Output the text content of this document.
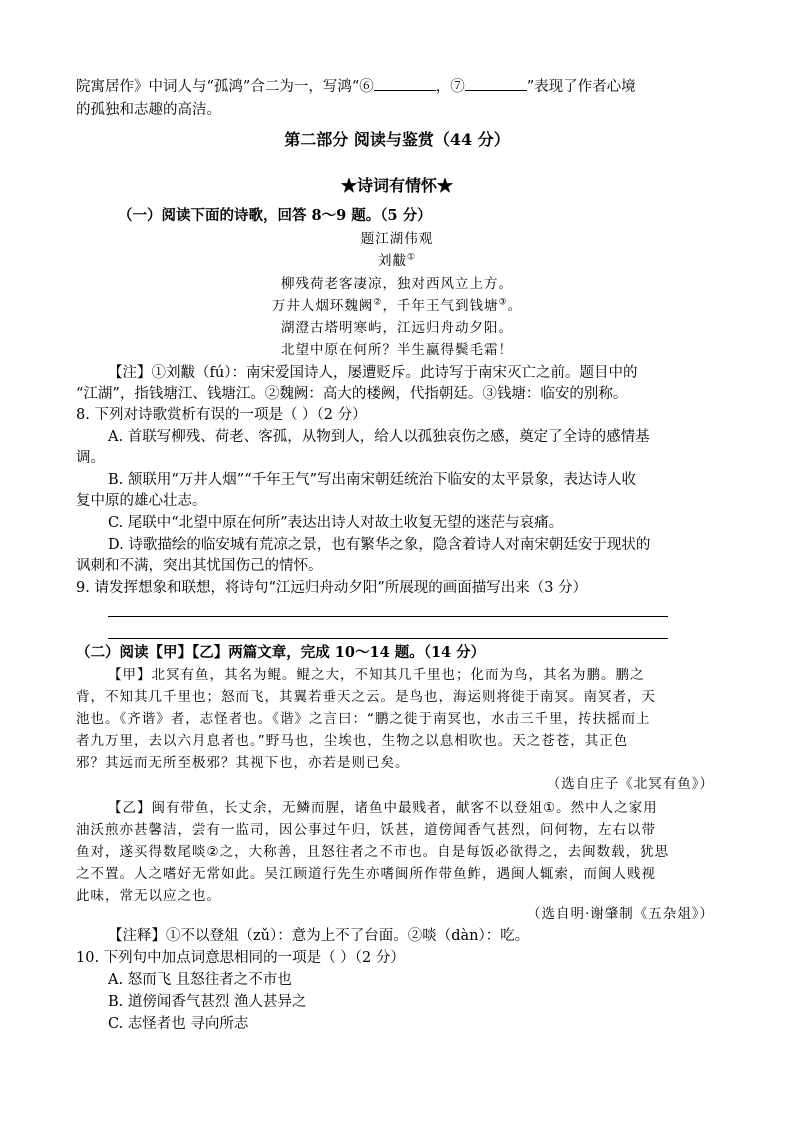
院寓居作》中词人与“孤鸿”合二为一，写鸿“⑥	，⑦	”表现了作者心境
的孤独和志趣的高洁。
第二部分 阅读与鉴赏（44 分）
★诗词有情怀★
（一）阅读下面的诗歌，回答 8～9 题。（5 分）
题江湖伟观
刘黻①
柳残荷老客凄凉，独对西风立上方。
万井人烟环魏阙②，千年王气到钱塘③。
湖澄古塔明寒屿，江远归舟动夕阳。
北望中原在何所？半生赢得鬓毛霜！
【注】①刘黻（fú）：南宋爱国诗人，屡遭贬斥。此诗写于南宋灭亡之前。题目中的
“江湖”，指钱塘江、钱塘江。②魏阙：高大的楼阙，代指朝廷。③钱塘：临安的别称。
8. 下列对诗歌赏析有误的一项是（ ）（2 分）
A. 首联写柳残、荷老、客孤，从物到人，给人以孤独哀伤之感，奠定了全诗的感情基
调。
B. 颔联用“万井人烟”“千年王气”写出南宋朝廷统治下临安的太平景象，表达诗人收
复中原的雄心壮志。
C. 尾联中“北望中原在何所”表达出诗人对故土收复无望的迷茫与哀痛。
D. 诗歌描绘的临安城有荒凉之景，也有繁华之象，隐含着诗人对南宋朝廷安于现状的
讽刺和不满，突出其忧国伤己的情怀。
9. 请发挥想象和联想，将诗句“江远归舟动夕阳”所展现的画面描写出来（3 分）
（二）阅读【甲】【乙】两篇文章，完成 10～14 题。（14 分）
【甲】北冥有鱼，其名为鲲。鲲之大，不知其几千里也；化而为鸟，其名为鹏。鹏之
背，不知其几千里也；怒而飞，其翼若垂天之云。是鸟也，海运则将徙于南冥。南冥者，天
池也。《齐谐》者，志怪者也。《谐》之言曰：“鹏之徙于南冥也，水击三千里，抟扶摇而上
者九万里，去以六月息者也。”野马也，尘埃也，生物之以息相吹也。天之苍苍，其正色
邪？其远而无所至极邪？其视下也，亦若是则已矣。
（选自庄子《北冥有鱼》）
【乙】闽有带鱼，长丈余，无鳞而腥，诸鱼中最贱者，献客不以登俎①。然中人之家用
油沃煎亦甚馨洁，尝有一监司，因公事过午归，饫甚，道傍闻香气甚烈，问何物，左右以带
鱼对，遂买得数尾啖②之，大称善，且怒往者之不市也。自是每饭必欲得之，去闽数载，犹思
之不置。人之嗜好无常如此。吴江顾道行先生亦嗜闽所作带鱼鲊，遇闽人辄索，而闽人贱视
此味，常无以应之也。
（选自明·谢肇制《五杂俎》）
【注释】①不以登俎（zǔ）：意为上不了台面。②啖（dàn）：吃。
10. 下列句中加点词意思相同的一项是（ ）（2 分）
A. 怒而飞 且怒往者之不市也
B. 道傍闻香气甚烈 渔人甚异之
C. 志怪者也 寻向所志
